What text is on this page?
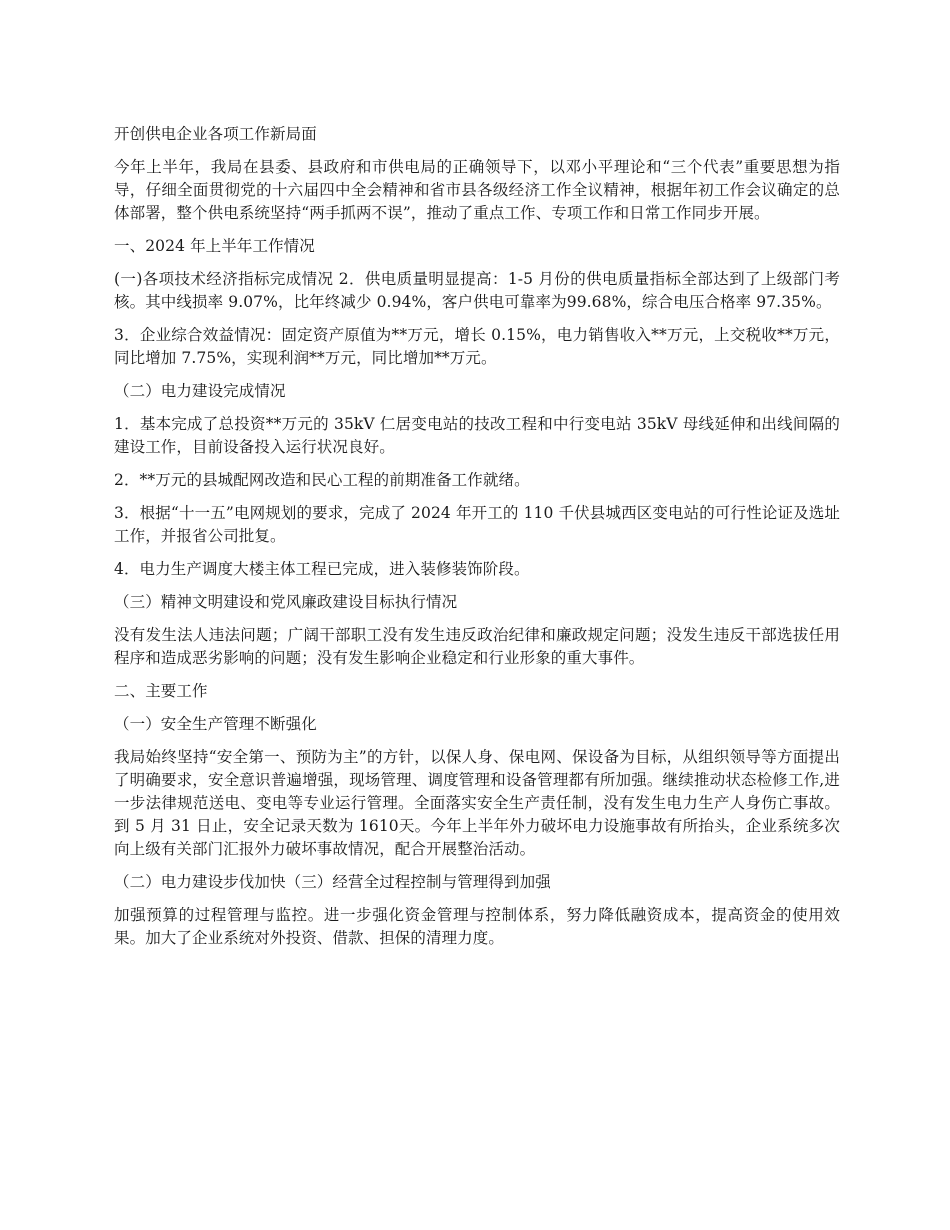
开创供电企业各项工作新局面

今年上半年，我局在县委、县政府和市供电局的正确领导下，以邓小平理论和“三个代表”重要思想为指导，仔细全面贯彻党的十六届四中全会精神和省市县各级经济工作全议精神，根据年初工作会议确定的总体部署，整个供电系统坚持“两手抓两不误”，推动了重点工作、专项工作和日常工作同步开展。

一、2024 年上半年工作情况

(一)各项技术经济指标完成情况 2．供电质量明显提高：1-5 月份的供电质量指标全部达到了上级部门考核。其中线损率 9.07%，比年终减少 0.94%，客户供电可靠率为99.68%，综合电压合格率 97.35%。

3．企业综合效益情况：固定资产原值为**万元，增长 0.15%，电力销售收入**万元，上交税收**万元，同比增加 7.75%，实现利润**万元，同比增加**万元。

（二）电力建设完成情况

1．基本完成了总投资**万元的 35kV 仁居变电站的技改工程和中行变电站 35kV 母线延伸和出线间隔的建设工作，目前设备投入运行状况良好。

2．**万元的县城配网改造和民心工程的前期准备工作就绪。

3．根据“十一五”电网规划的要求，完成了 2024 年开工的 110 千伏县城西区变电站的可行性论证及选址工作，并报省公司批复。

4．电力生产调度大楼主体工程已完成，进入装修装饰阶段。

（三）精神文明建设和党风廉政建设目标执行情况

没有发生法人违法问题；广阔干部职工没有发生违反政治纪律和廉政规定问题；没发生违反干部选拔任用程序和造成恶劣影响的问题；没有发生影响企业稳定和行业形象的重大事件。

二、主要工作

（一）安全生产管理不断强化

我局始终坚持“安全第一、预防为主”的方针，以保人身、保电网、保设备为目标，从组织领导等方面提出了明确要求，安全意识普遍增强，现场管理、调度管理和设备管理都有所加强。继续推动状态检修工作,进一步法律规范送电、变电等专业运行管理。全面落实安全生产责任制，没有发生电力生产人身伤亡事故。到 5 月 31 日止，安全记录天数为 1610天。今年上半年外力破坏电力设施事故有所抬头，企业系统多次向上级有关部门汇报外力破坏事故情况，配合开展整治活动。

（二）电力建设步伐加快（三）经营全过程控制与管理得到加强

加强预算的过程管理与监控。进一步强化资金管理与控制体系，努力降低融资成本，提高资金的使用效果。加大了企业系统对外投资、借款、担保的清理力度。
